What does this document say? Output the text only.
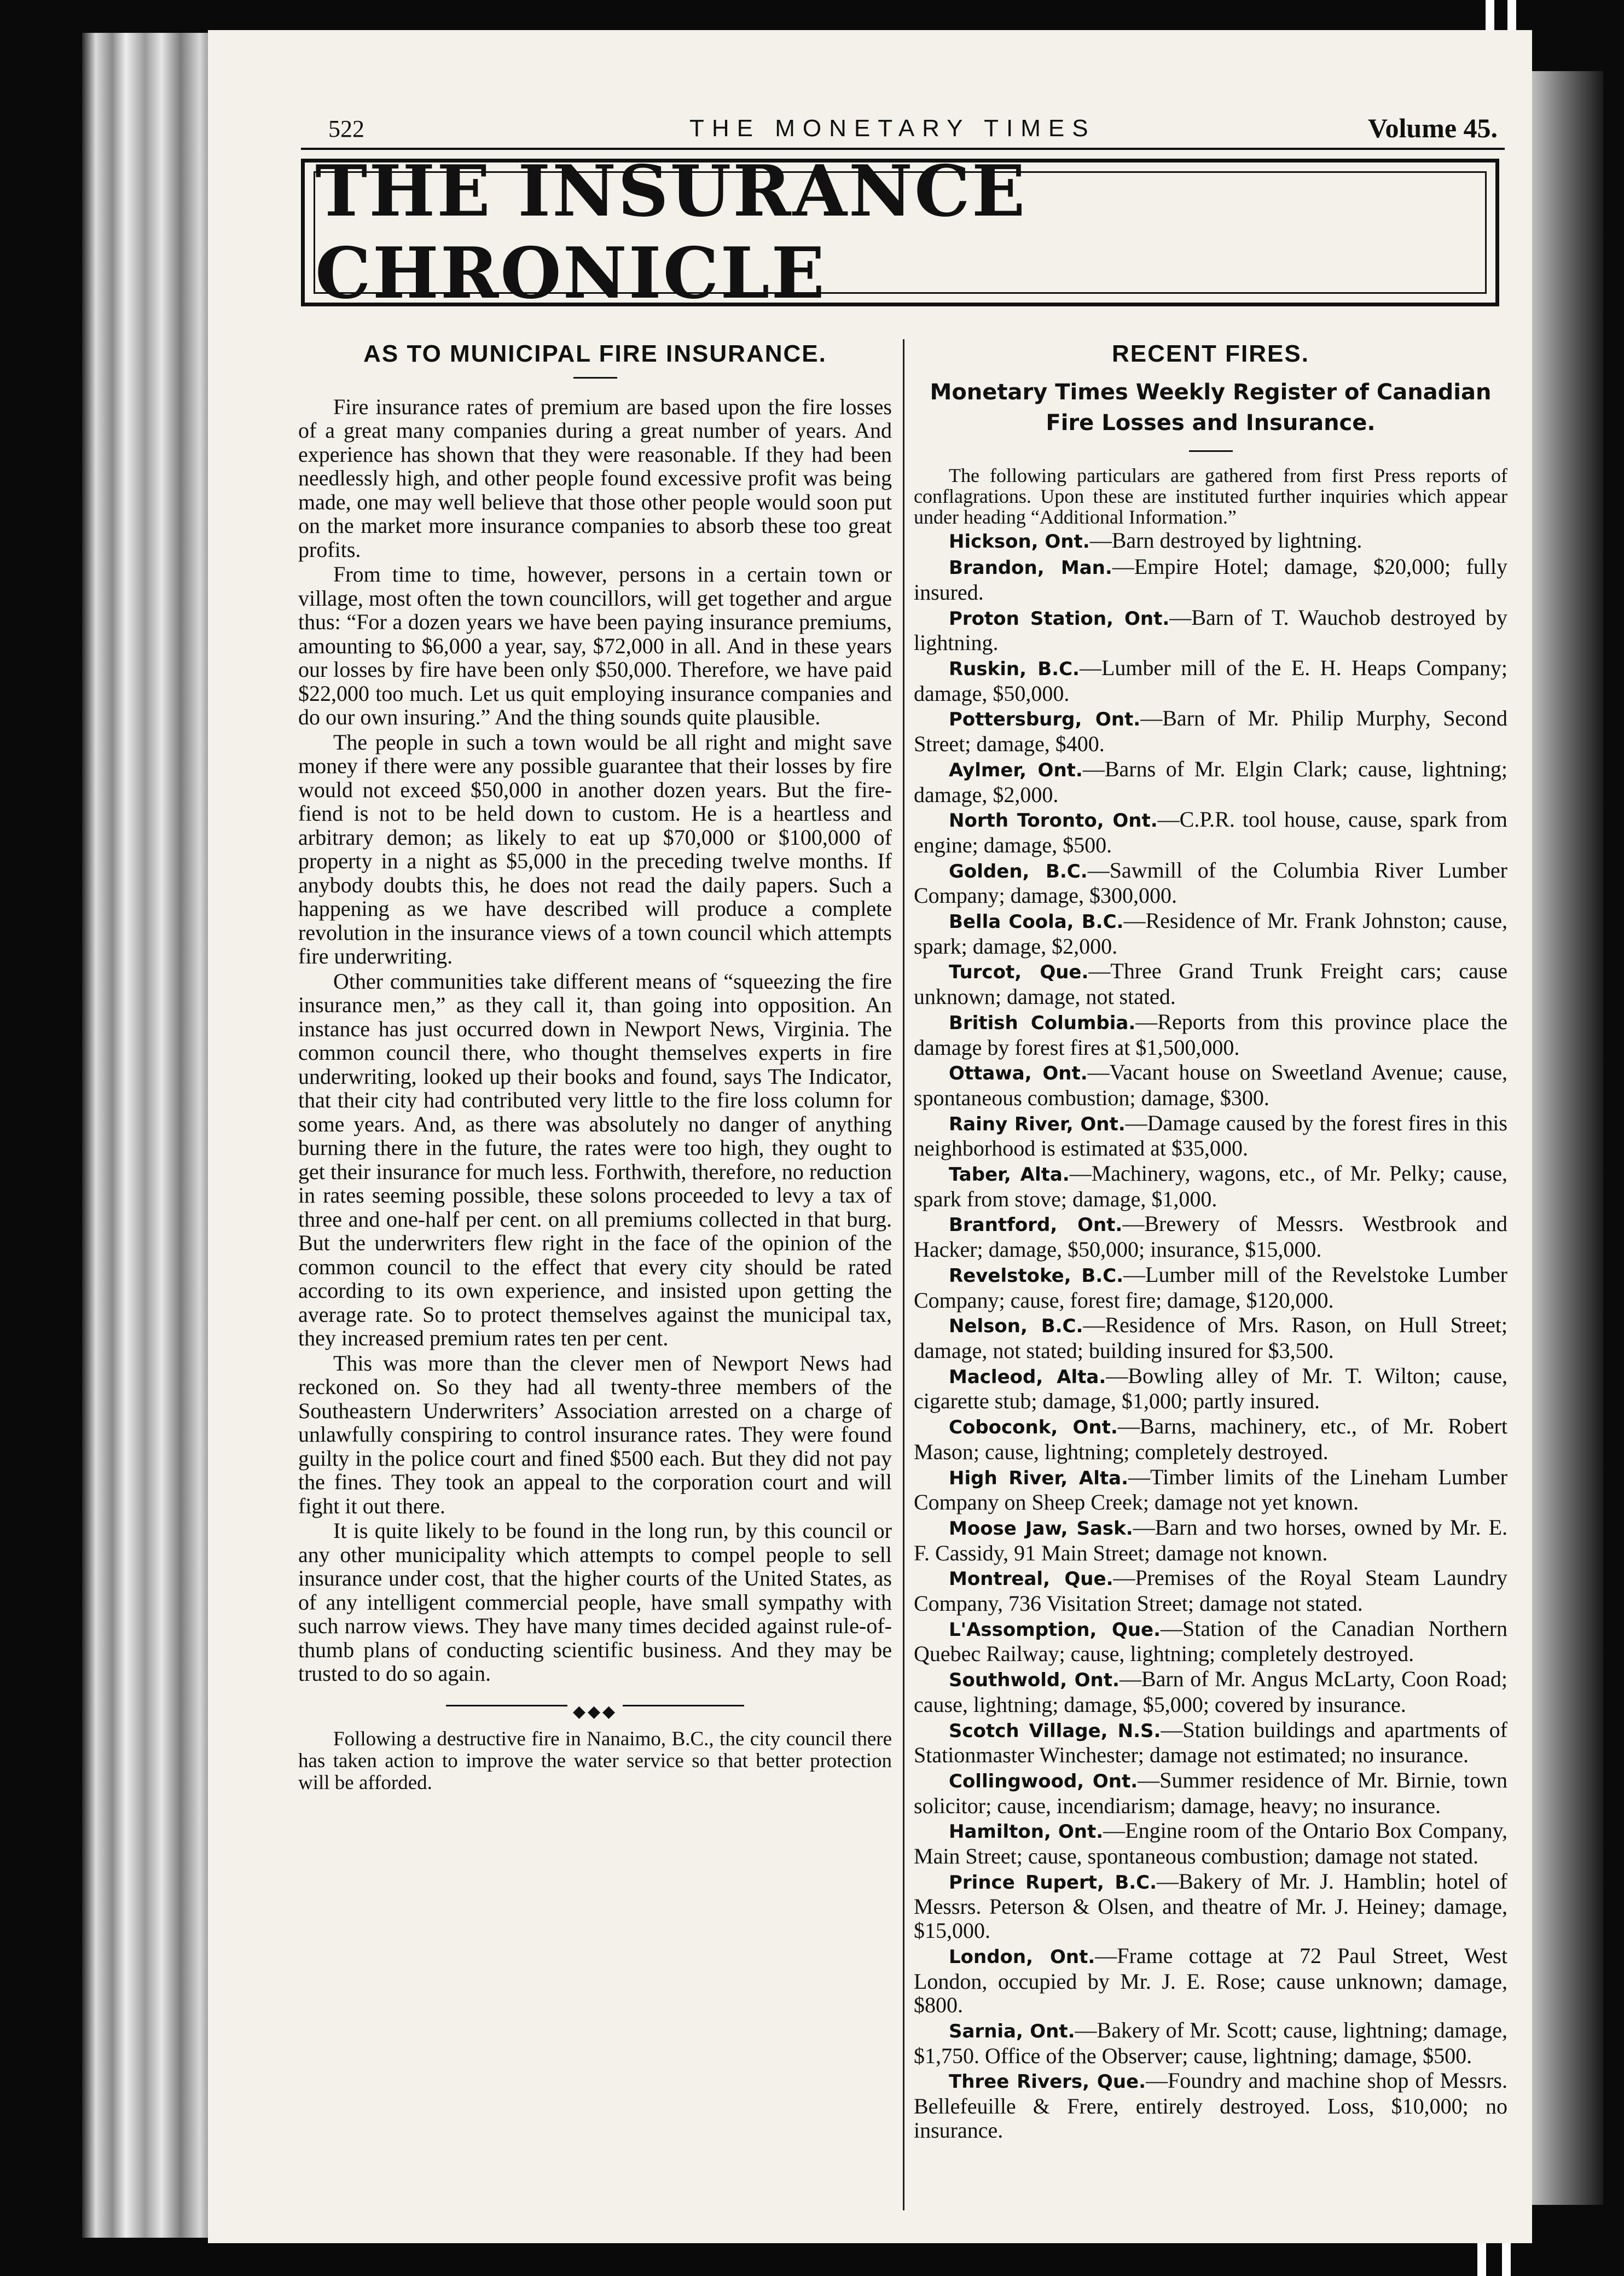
522	THE MONETARY TIMES	Volume 45.
THE INSURANCE CHRONICLE
AS TO MUNICIPAL FIRE INSURANCE.

Fire insurance rates of premium are based upon the fire losses of a great many companies during a great number of years. And experience has shown that they were reasonable. If they had been needlessly high, and other people found excessive profit was being made, one may well believe that those other people would soon put on the market more insurance companies to absorb these too great profits.

From time to time, however, persons in a certain town or village, most often the town councillors, will get together and argue thus: “For a dozen years we have been paying insurance premiums, amounting to $6,000 a year, say, $72,000 in all. And in these years our losses by fire have been only $50,000. Therefore, we have paid $22,000 too much. Let us quit employing insurance companies and do our own insuring.” And the thing sounds quite plausible.

The people in such a town would be all right and might save money if there were any possible guarantee that their losses by fire would not exceed $50,000 in another dozen years. But the fire-fiend is not to be held down to custom. He is a heartless and arbitrary demon; as likely to eat up $70,000 or $100,000 of property in a night as $5,000 in the preceding twelve months. If anybody doubts this, he does not read the daily papers. Such a happening as we have described will produce a complete revolution in the insurance views of a town council which attempts fire underwriting.

Other communities take different means of “squeezing the fire insurance men,” as they call it, than going into opposition. An instance has just occurred down in Newport News, Virginia. The common council there, who thought themselves experts in fire underwriting, looked up their books and found, says The Indicator, that their city had contributed very little to the fire loss column for some years. And, as there was absolutely no danger of anything burning there in the future, the rates were too high, they ought to get their insurance for much less. Forthwith, therefore, no reduction in rates seeming possible, these solons proceeded to levy a tax of three and one-half per cent. on all premiums collected in that burg. But the underwriters flew right in the face of the opinion of the common council to the effect that every city should be rated according to its own experience, and insisted upon getting the average rate. So to protect themselves against the municipal tax, they increased premium rates ten per cent.

This was more than the clever men of Newport News had reckoned on. So they had all twenty-three members of the Southeastern Underwriters’ Association arrested on a charge of unlawfully conspiring to control insurance rates. They were found guilty in the police court and fined $500 each. But they did not pay the fines. They took an appeal to the corporation court and will fight it out there.

It is quite likely to be found in the long run, by this council or any other municipality which attempts to compel people to sell insurance under cost, that the higher courts of the United States, as of any intelligent commercial people, have small sympathy with such narrow views. They have many times decided against rule-of-thumb plans of conducting scientific business. And they may be trusted to do so again.

◆◆◆

Following a destructive fire in Nanaimo, B.C., the city council there has taken action to improve the water service so that better protection will be afforded.

RECENT FIRES.
Monetary Times Weekly Register of Canadian Fire Losses and Insurance.

The following particulars are gathered from first Press reports of conflagrations. Upon these are instituted further inquiries which appear under heading “Additional Information.”

Hickson, Ont.—Barn destroyed by lightning.

Brandon, Man.—Empire Hotel; damage, $20,000; fully insured.

Proton Station, Ont.—Barn of T. Wauchob destroyed by lightning.

Ruskin, B.C.—Lumber mill of the E. H. Heaps Company; damage, $50,000.

Pottersburg, Ont.—Barn of Mr. Philip Murphy, Second Street; damage, $400.

Aylmer, Ont.—Barns of Mr. Elgin Clark; cause, lightning; damage, $2,000.

North Toronto, Ont.—C.P.R. tool house, cause, spark from engine; damage, $500.

Golden, B.C.—Sawmill of the Columbia River Lumber Company; damage, $300,000.

Bella Coola, B.C.—Residence of Mr. Frank Johnston; cause, spark; damage, $2,000.

Turcot, Que.—Three Grand Trunk Freight cars; cause unknown; damage, not stated.

British Columbia.—Reports from this province place the damage by forest fires at $1,500,000.

Ottawa, Ont.—Vacant house on Sweetland Avenue; cause, spontaneous combustion; damage, $300.

Rainy River, Ont.—Damage caused by the forest fires in this neighborhood is estimated at $35,000.

Taber, Alta.—Machinery, wagons, etc., of Mr. Pelky; cause, spark from stove; damage, $1,000.

Brantford, Ont.—Brewery of Messrs. Westbrook and Hacker; damage, $50,000; insurance, $15,000.

Revelstoke, B.C.—Lumber mill of the Revelstoke Lumber Company; cause, forest fire; damage, $120,000.

Nelson, B.C.—Residence of Mrs. Rason, on Hull Street; damage, not stated; building insured for $3,500.

Macleod, Alta.—Bowling alley of Mr. T. Wilton; cause, cigarette stub; damage, $1,000; partly insured.

Coboconk, Ont.—Barns, machinery, etc., of Mr. Robert Mason; cause, lightning; completely destroyed.

High River, Alta.—Timber limits of the Lineham Lumber Company on Sheep Creek; damage not yet known.

Moose Jaw, Sask.—Barn and two horses, owned by Mr. E. F. Cassidy, 91 Main Street; damage not known.

Montreal, Que.—Premises of the Royal Steam Laundry Company, 736 Visitation Street; damage not stated.

L'Assomption, Que.—Station of the Canadian Northern Quebec Railway; cause, lightning; completely destroyed.

Southwold, Ont.—Barn of Mr. Angus McLarty, Coon Road; cause, lightning; damage, $5,000; covered by insurance.

Scotch Village, N.S.—Station buildings and apartments of Stationmaster Winchester; damage not estimated; no insurance.

Collingwood, Ont.—Summer residence of Mr. Birnie, town solicitor; cause, incendiarism; damage, heavy; no insurance.

Hamilton, Ont.—Engine room of the Ontario Box Company, Main Street; cause, spontaneous combustion; damage not stated.

Prince Rupert, B.C.—Bakery of Mr. J. Hamblin; hotel of Messrs. Peterson & Olsen, and theatre of Mr. J. Heiney; damage, $15,000.

London, Ont.—Frame cottage at 72 Paul Street, West London, occupied by Mr. J. E. Rose; cause unknown; damage, $800.

Sarnia, Ont.—Bakery of Mr. Scott; cause, lightning; damage, $1,750. Office of the Observer; cause, lightning; damage, $500.

Three Rivers, Que.—Foundry and machine shop of Messrs. Bellefeuille & Frere, entirely destroyed. Loss, $10,000; no insurance.
